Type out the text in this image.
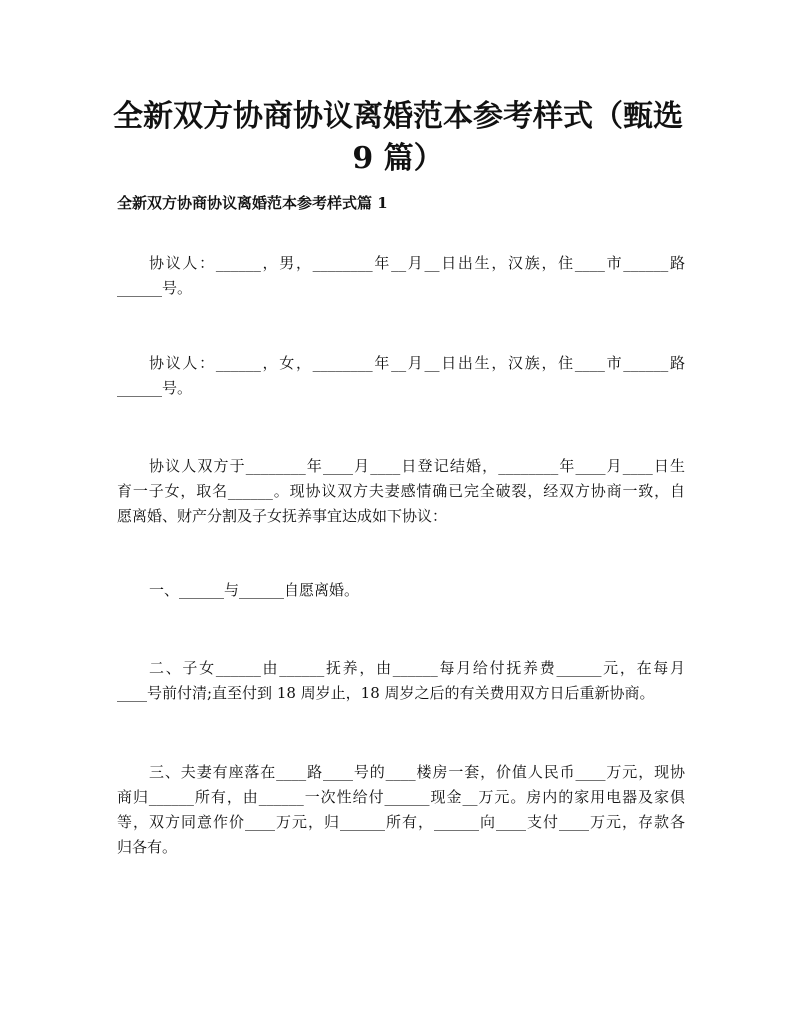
全新双方协商协议离婚范本参考样式（甄选
9 篇）
全新双方协商协议离婚范本参考样式篇 1

协议人：______，男，________年__月__日出生，汉族，住____市______路
______号。

协议人：______，女，________年__月__日出生，汉族，住____市______路
______号。

协议人双方于________年____月____日登记结婚，________年____月____日生
育一子女，取名______。现协议双方夫妻感情确已完全破裂，经双方协商一致，自
愿离婚、财产分割及子女抚养事宜达成如下协议：

一、______与______自愿离婚。

二、子女______由______抚养，由______每月给付抚养费______元，在每月
____号前付清;直至付到 18 周岁止，18 周岁之后的有关费用双方日后重新协商。

三、夫妻有座落在____路____号的____楼房一套，价值人民币____万元，现协
商归______所有，由______一次性给付______现金__万元。房内的家用电器及家俱
等，双方同意作价____万元，归______所有，______向____支付____万元，存款各
归各有。
